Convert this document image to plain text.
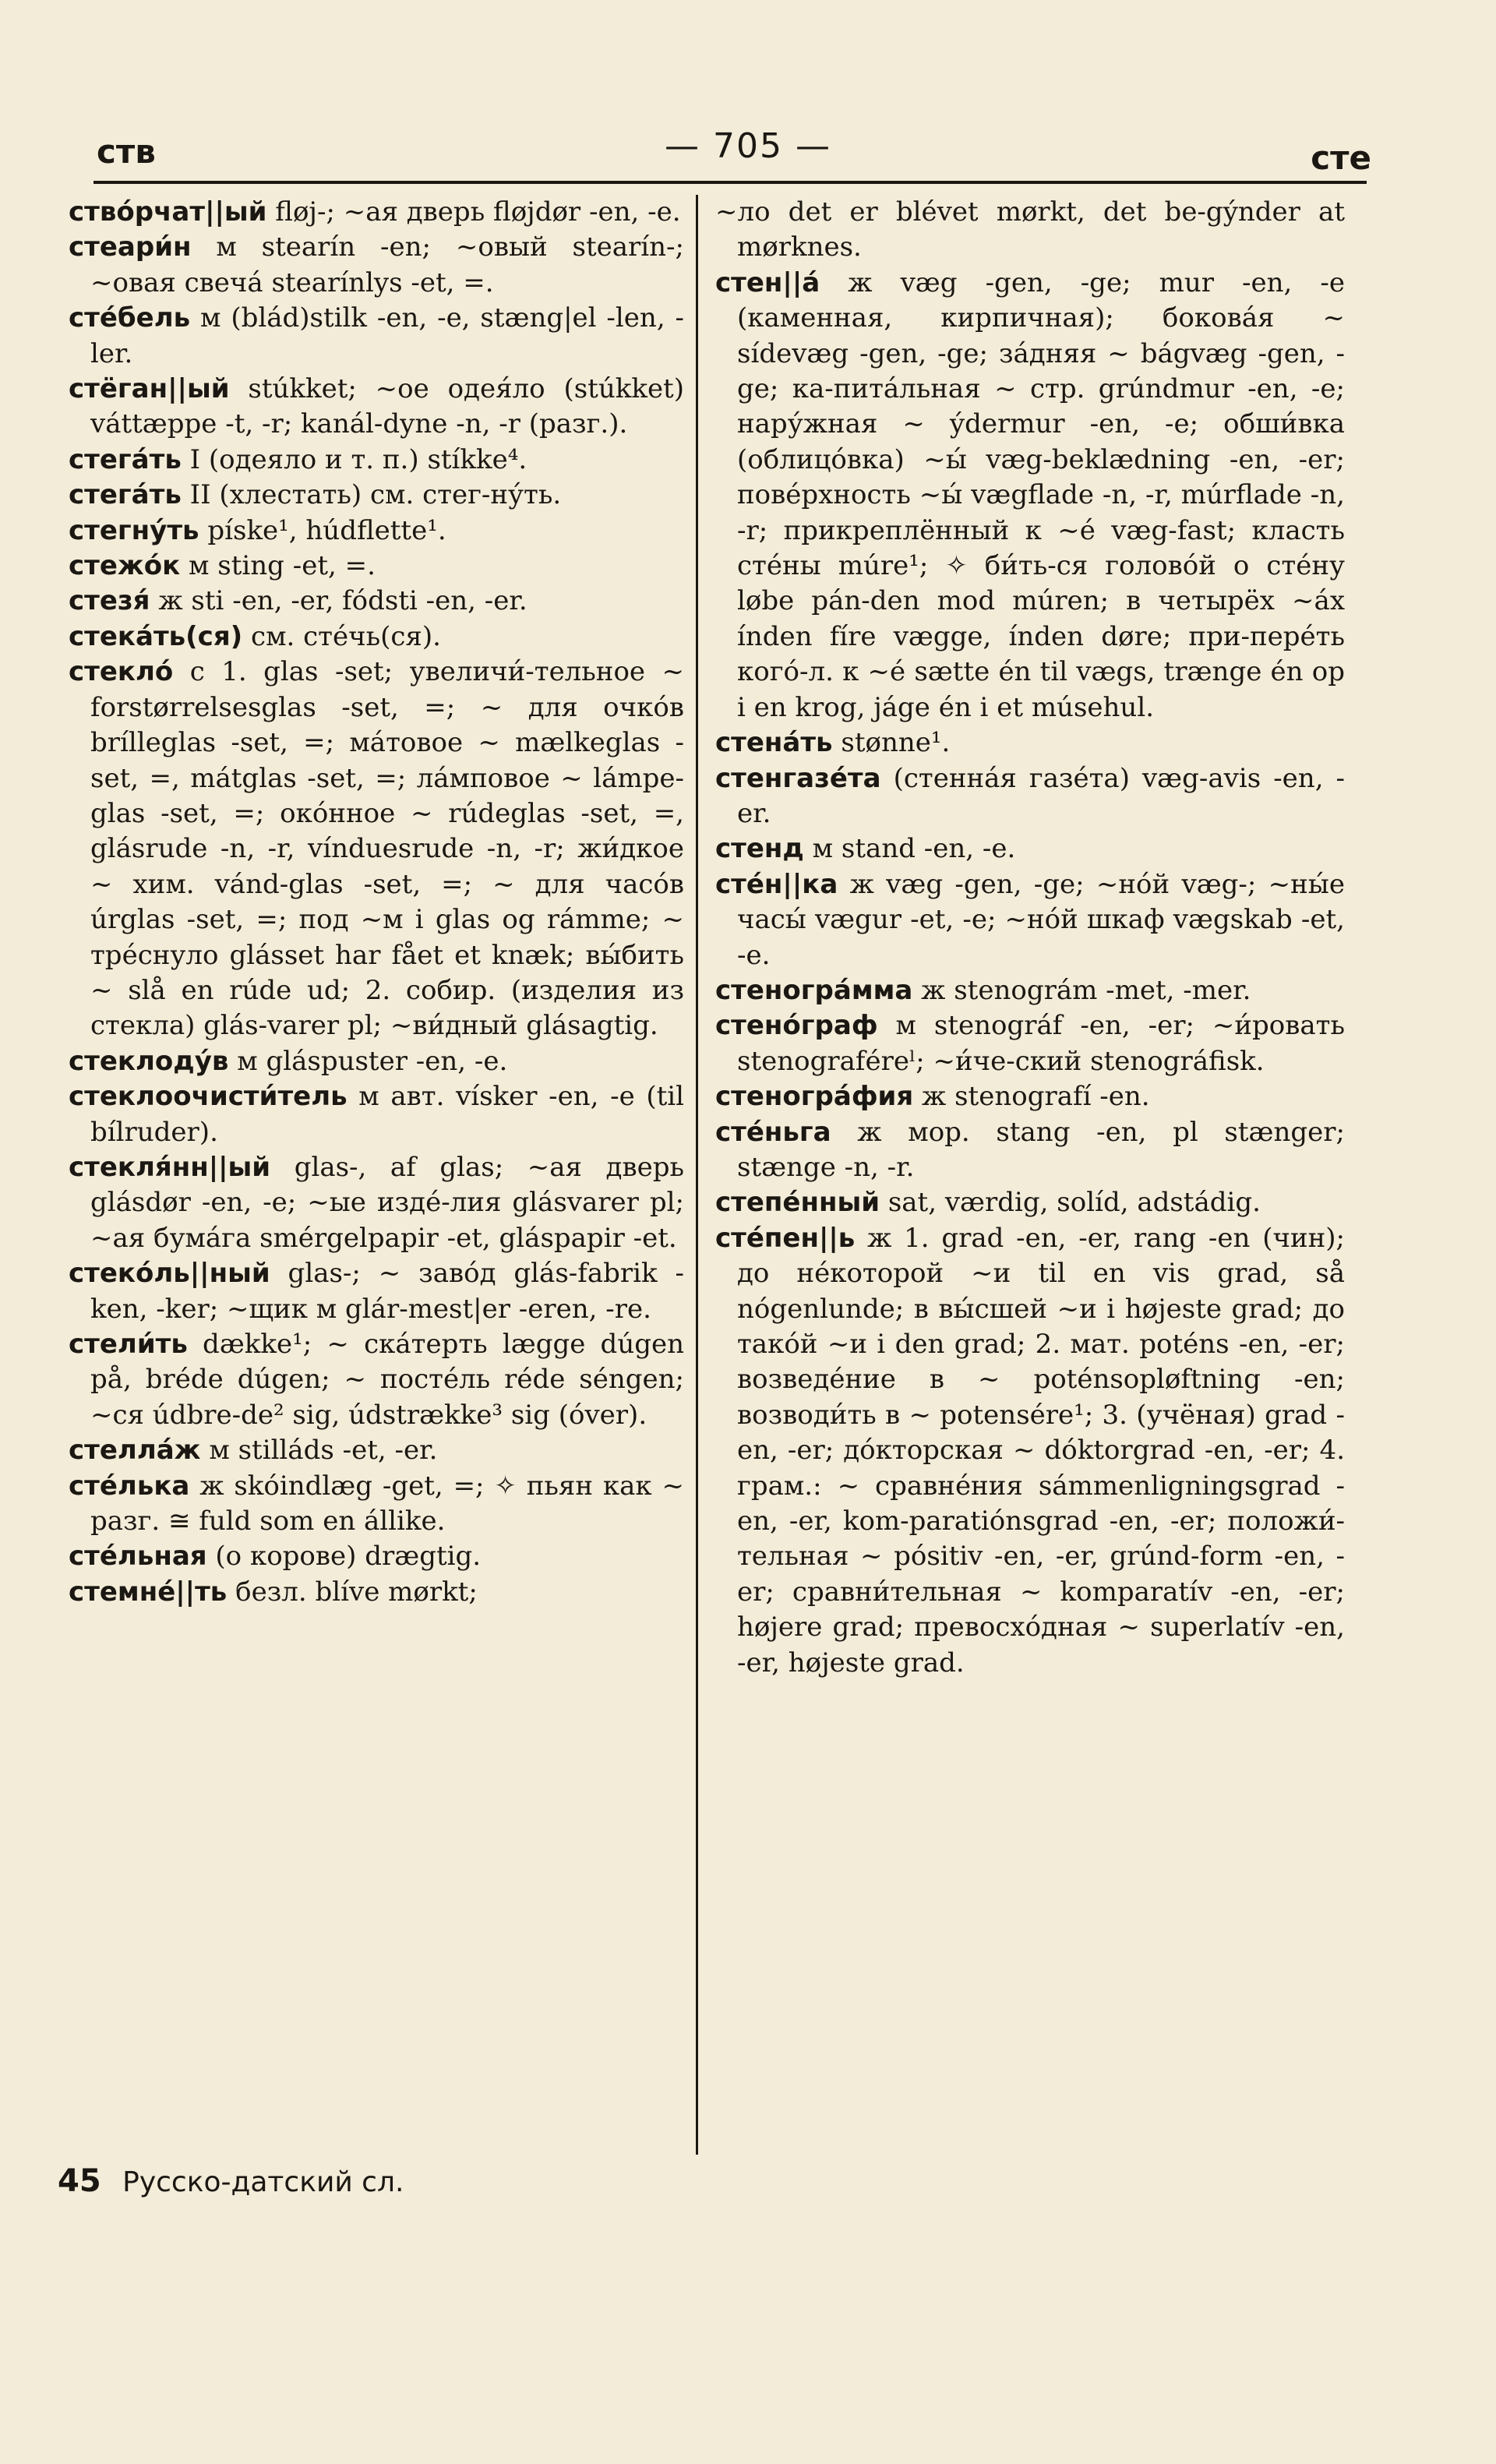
ств	— 705 —	сте

ство́рчат||ый fløj-; ~ая дверь fløjdør -en, -e.

стеари́н м stearín -en; ~овый stearín-; ~овая свеча́ stearínlys -et, =.

сте́бель м (blád)stilk -en, -e, stæng|el -len, -ler.

стёган||ый stúkket; ~ое одея́ло (stúkket) váttæppe -t, -r; kanál-dyne -n, -r (разг.).

стега́ть I (одеяло и т. п.) stíkke⁴.

стега́ть II (хлестать) см. стег-ну́ть.

стегну́ть píske¹, húdflette¹.

стежо́к м sting -et, =.

стезя́ ж sti -en, -er, fódsti -en, -er.

стека́ть(ся) см. сте́чь(ся).

стекло́ с 1. glas -set; увеличи́-тельное ~ forstørrelsesglas -set, =; ~ для очко́в brílleglas -set, =; ма́товое ~ mælkeglas -set, =, mátglas -set, =; ла́мповое ~ lámpe-glas -set, =; око́нное ~ rúdeglas -set, =, glásrude -n, -r, vínduesrude -n, -r; жи́дкое ~ хим. vánd-glas -set, =; ~ для часо́в úrglas -set, =; под ~м i glas og rámme; ~ тре́снуло glásset har fået et knæk; вы́бить ~ slå en rúde ud; 2. собир. (изделия из стекла) glás-varer pl; ~ви́дный glásagtig.

стеклоду́в м gláspuster -en, -e.

стеклоочисти́тель м авт. vísker -en, -e (til bílruder).

стекля́нн||ый glas-, af glas; ~ая дверь glásdør -en, -e; ~ые изде́-лия glásvarer pl; ~ая бума́га smérgelpapir -et, gláspapir -et.

стеко́ль||ный glas-; ~ заво́д glás-fabrik -ken, -ker; ~щик м glár-mest|er -eren, -re.

стели́ть dække¹; ~ ска́терть lægge dúgen på, bréde dúgen; ~ посте́ль réde séngen; ~ся údbre-de² sig, údstrække³ sig (óver).

стелла́ж м stilláds -et, -er.

сте́лька ж skóindlæg -get, =; ✧ пьян как ~ разг. ≅ fuld som en állike.

сте́льная (о корове) drægtig.

стемне́||ть безл. blíve mørkt;

~ло det er blévet mørkt, det be-gýnder at mørknes.

стен||а́ ж væg -gen, -ge; mur -en, -e (каменная, кирпичная); бокова́я ~ sídevæg -gen, -ge; за́дняя ~ bágvæg -gen, -ge; ка-пита́льная ~ стр. grúndmur -en, -e; нару́жная ~ ýdermur -en, -e; обши́вка (облицо́вка) ~ы́ væg-beklædning -en, -er; пове́рхность ~ы́ vægflade -n, -r, múrflade -n, -r; прикреплённый к ~е́ væg-fast; класть сте́ны múre¹; ✧ би́ть-ся голово́й о сте́ну løbe pán-den mod múren; в четырёх ~а́х índen fíre vægge, índen døre; при-пере́ть кого́-л. к ~е́ sætte én til vægs, trænge én op i en krog, jáge én i et músehul.

стена́ть stønne¹.

стенгазе́та (стенна́я газе́та) væg-avis -en, -er.

стенд м stand -en, -e.

сте́н||ка ж væg -gen, -ge; ~но́й væg-; ~ны́е часы́ vægur -et, -e; ~но́й шкаф vægskab -et, -e.

стеногра́мма ж stenográm -met, -mer.

стено́граф м stenográf -en, -er; ~и́ровать stenograféreˡ; ~и́че-ский stenográfisk.

стеногра́фия ж stenografí -en.

сте́ньга ж мор. stang -en, pl stænger; stænge -n, -r.

степе́нный sat, værdig, solíd, adstádig.

сте́пен||ь ж 1. grad -en, -er, rang -en (чин); до не́которой ~и til en vis grad, så nógenlunde; в вы́сшей ~и i højeste grad; до тако́й ~и i den grad; 2. мат. poténs -en, -er; возведе́ние в ~ poténsopløftning -en; возводи́ть в ~ potensére¹; 3. (учёная) grad -en, -er; до́кторская ~ dóktorgrad -en, -er; 4. грам.: ~ сравне́ния sámmenligningsgrad -en, -er, kom-paratiónsgrad -en, -er; положи́-тельная ~ pósitiv -en, -er, grúnd-form -en, -er; сравни́тельная ~ komparatív -en, -er; højere grad; превосхо́дная ~ superlatív -en, -er, højeste grad.

45 Русско-датский сл.
